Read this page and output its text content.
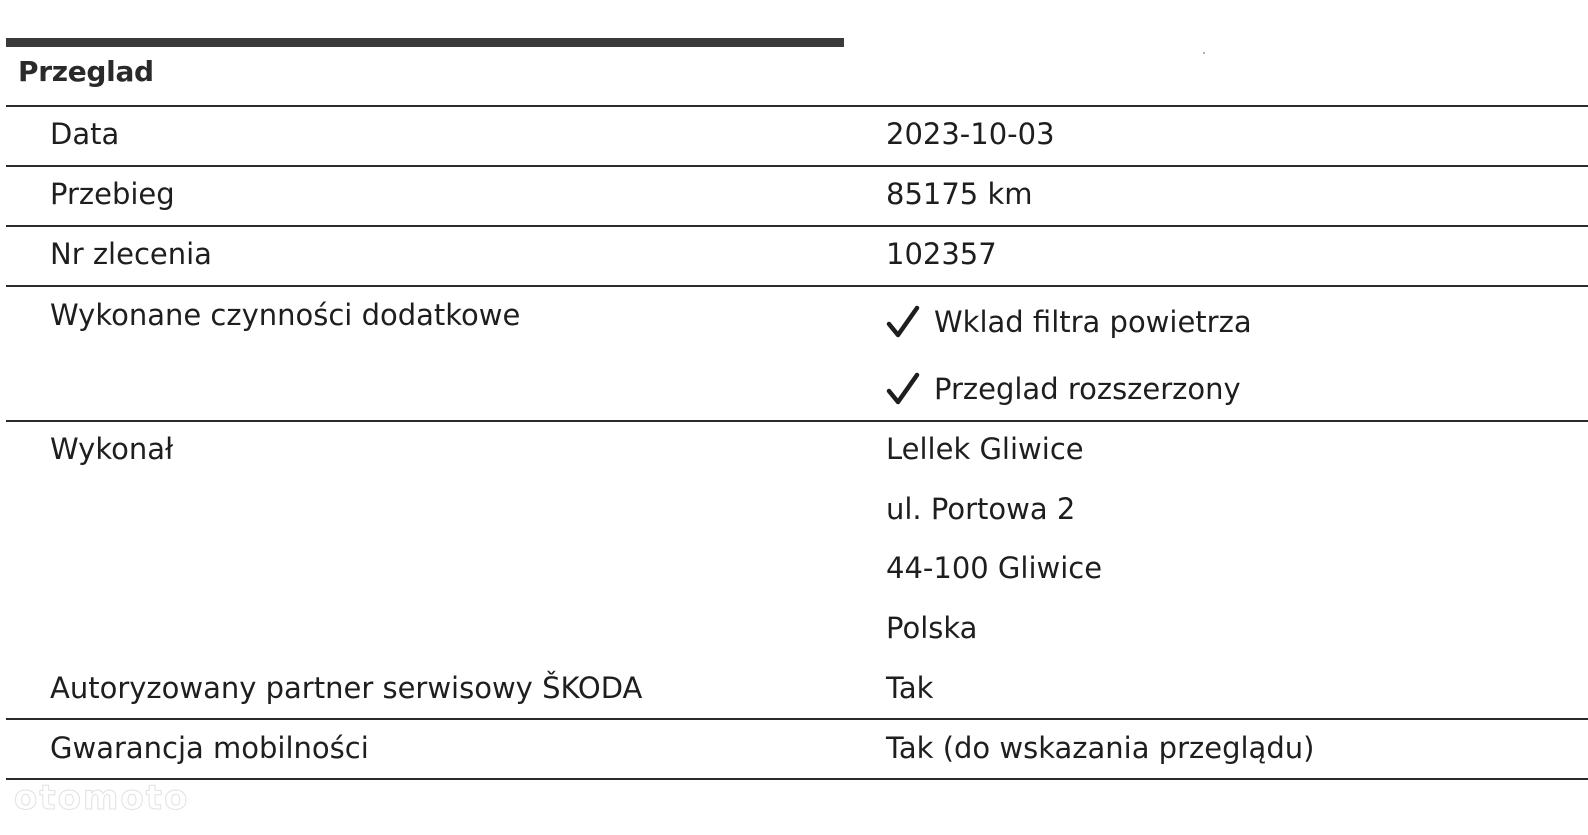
Przeglad
Data	2023-10-03
Przebieg	85175 km
Nr zlecenia	102357
Wykonane czynności dodatkowe	Wklad filtra powietrza
Przeglad rozszerzony
Wykonał	Lellek Gliwice
ul. Portowa 2
44-100 Gliwice
Polska
Autoryzowany partner serwisowy ŠKODA	Tak
Gwarancja mobilności	Tak (do wskazania przeglądu)
otomoto
